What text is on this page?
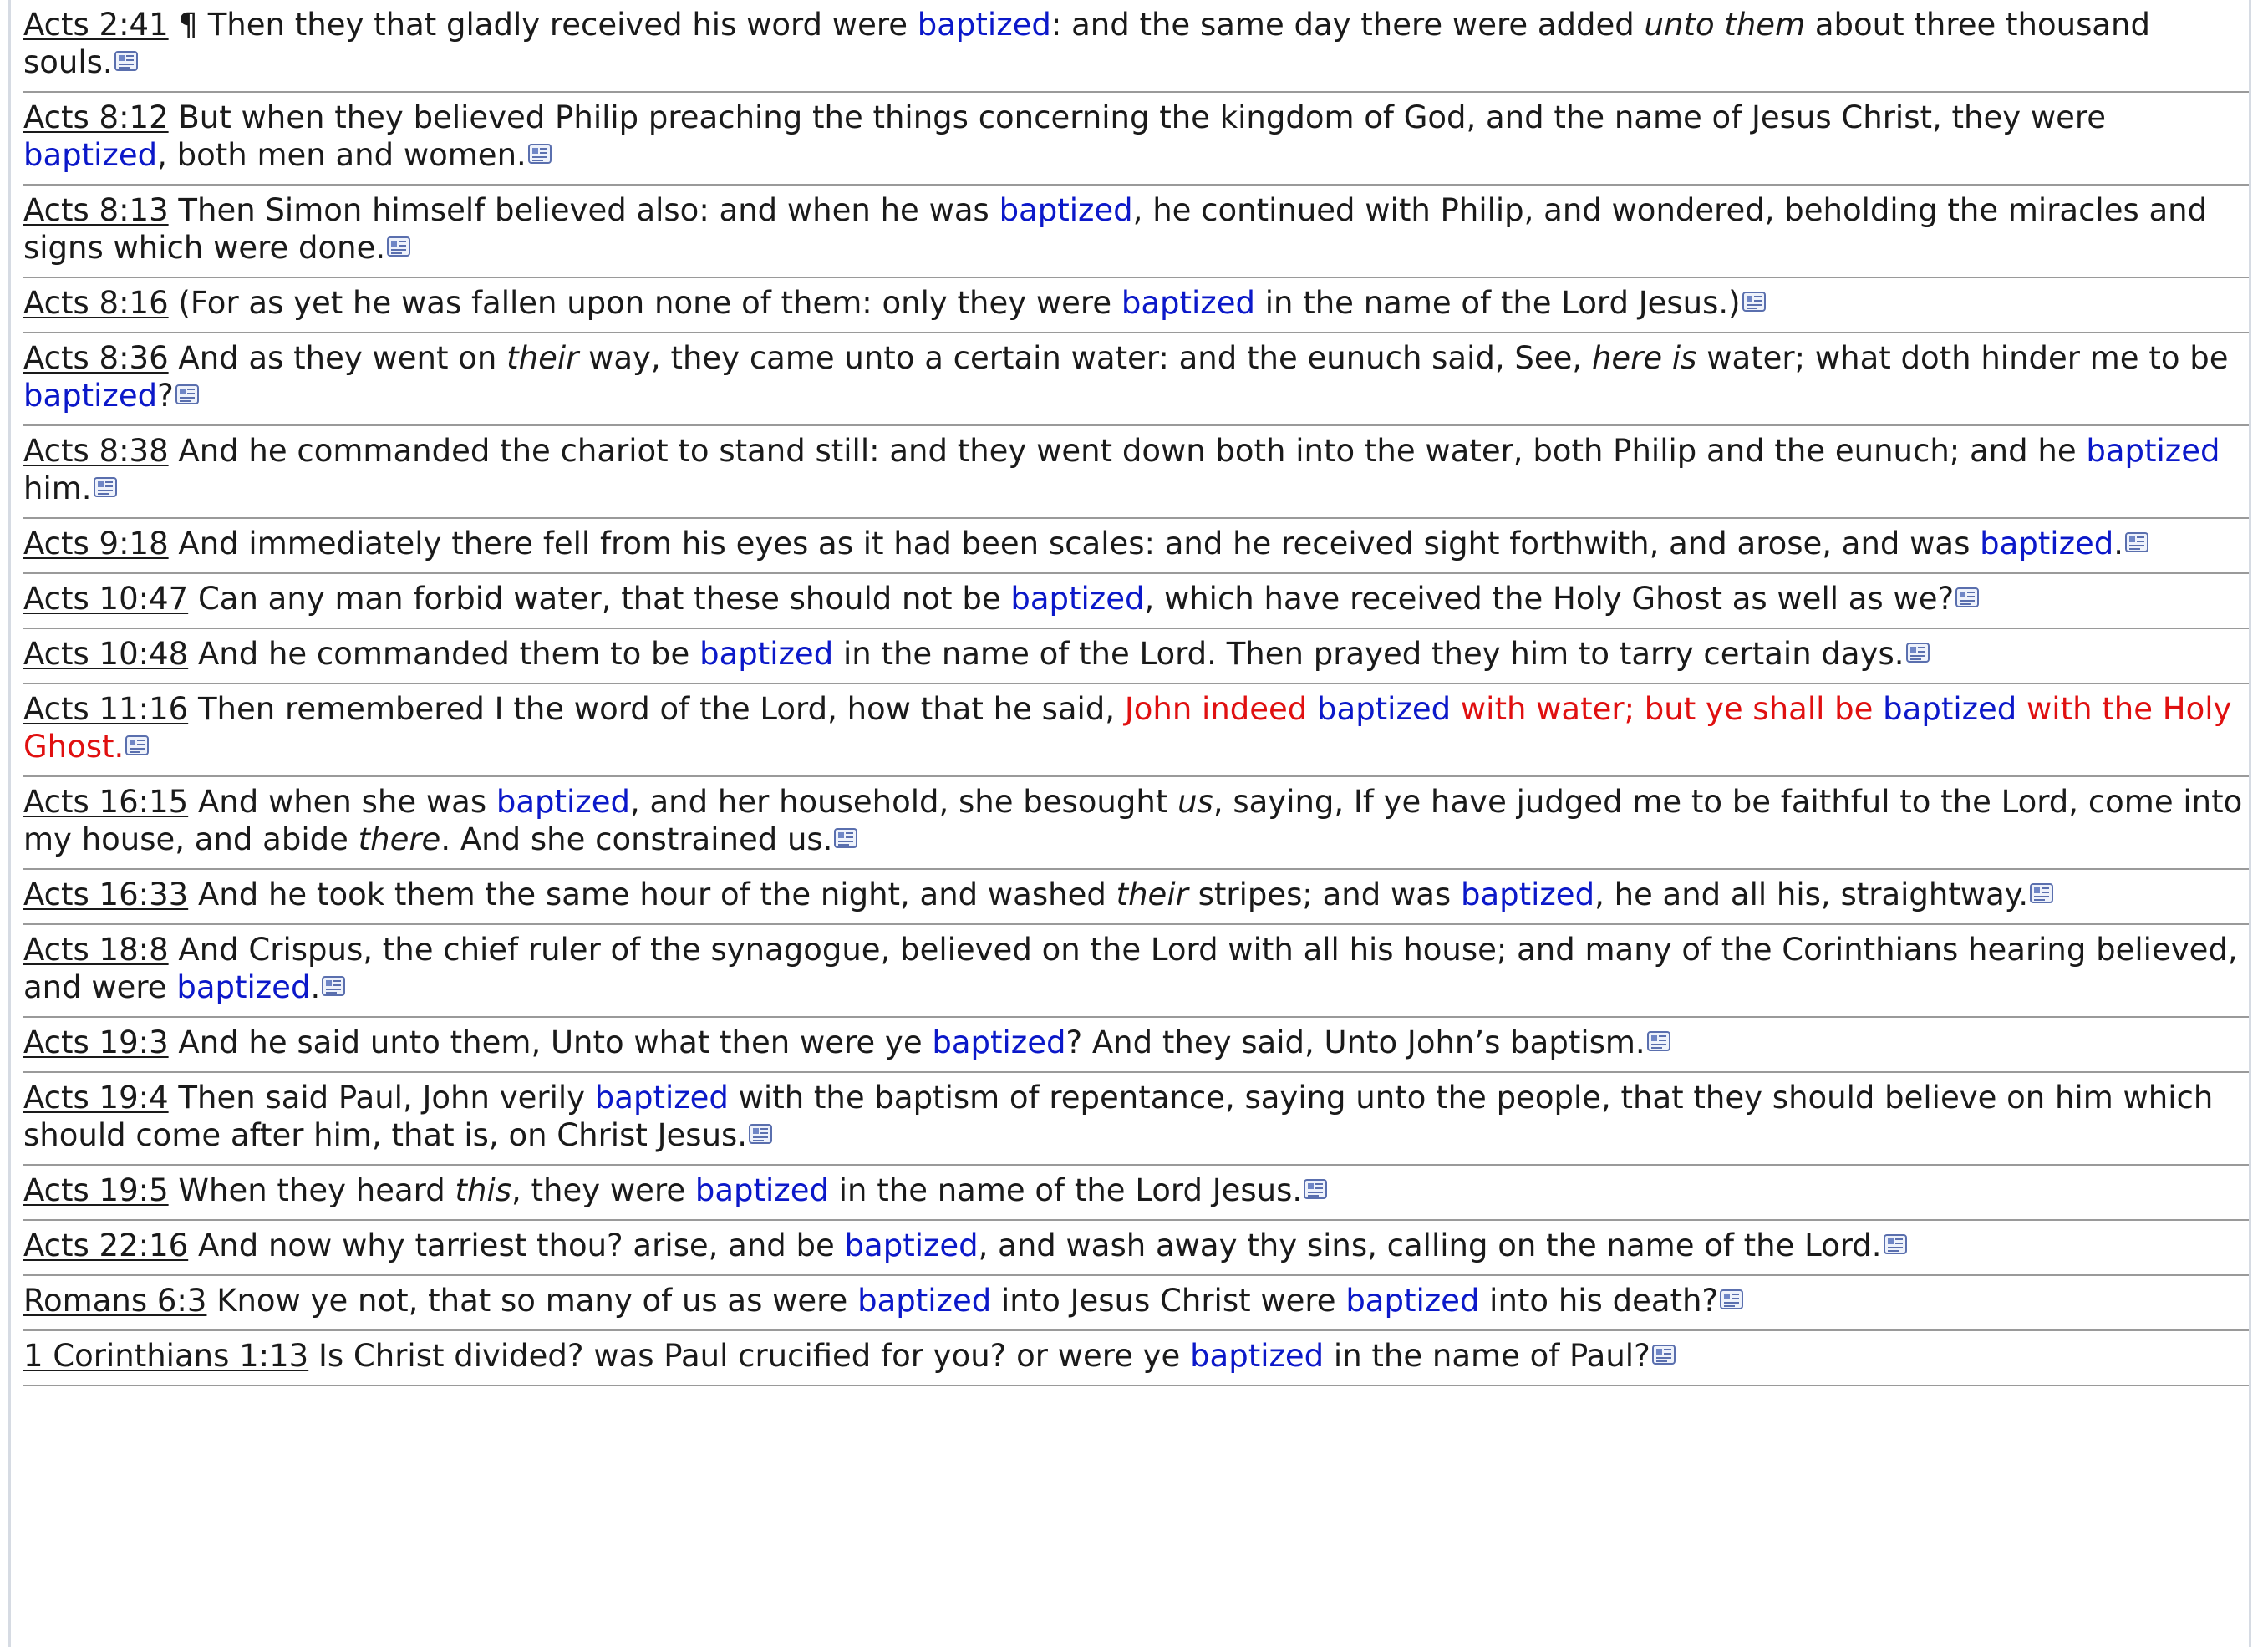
Acts 2:41 ¶ Then they that gladly received his word were baptized: and the same day there were added unto them about three thousand souls.
Acts 8:12 But when they believed Philip preaching the things concerning the kingdom of God, and the name of Jesus Christ, they were baptized, both men and women.
Acts 8:13 Then Simon himself believed also: and when he was baptized, he continued with Philip, and wondered, beholding the miracles and signs which were done.
Acts 8:16 (For as yet he was fallen upon none of them: only they were baptized in the name of the Lord Jesus.)
Acts 8:36 And as they went on their way, they came unto a certain water: and the eunuch said, See, here is water; what doth hinder me to be baptized?
Acts 8:38 And he commanded the chariot to stand still: and they went down both into the water, both Philip and the eunuch; and he baptized him.
Acts 9:18 And immediately there fell from his eyes as it had been scales: and he received sight forthwith, and arose, and was baptized.
Acts 10:47 Can any man forbid water, that these should not be baptized, which have received the Holy Ghost as well as we?
Acts 10:48 And he commanded them to be baptized in the name of the Lord. Then prayed they him to tarry certain days.
Acts 11:16 Then remembered I the word of the Lord, how that he said, John indeed baptized with water; but ye shall be baptized with the Holy Ghost.
Acts 16:15 And when she was baptized, and her household, she besought us, saying, If ye have judged me to be faithful to the Lord, come into my house, and abide there. And she constrained us.
Acts 16:33 And he took them the same hour of the night, and washed their stripes; and was baptized, he and all his, straightway.
Acts 18:8 And Crispus, the chief ruler of the synagogue, believed on the Lord with all his house; and many of the Corinthians hearing believed, and were baptized.
Acts 19:3 And he said unto them, Unto what then were ye baptized? And they said, Unto John’s baptism.
Acts 19:4 Then said Paul, John verily baptized with the baptism of repentance, saying unto the people, that they should believe on him which should come after him, that is, on Christ Jesus.
Acts 19:5 When they heard this, they were baptized in the name of the Lord Jesus.
Acts 22:16 And now why tarriest thou? arise, and be baptized, and wash away thy sins, calling on the name of the Lord.
Romans 6:3 Know ye not, that so many of us as were baptized into Jesus Christ were baptized into his death?
1 Corinthians 1:13 Is Christ divided? was Paul crucified for you? or were ye baptized in the name of Paul?
